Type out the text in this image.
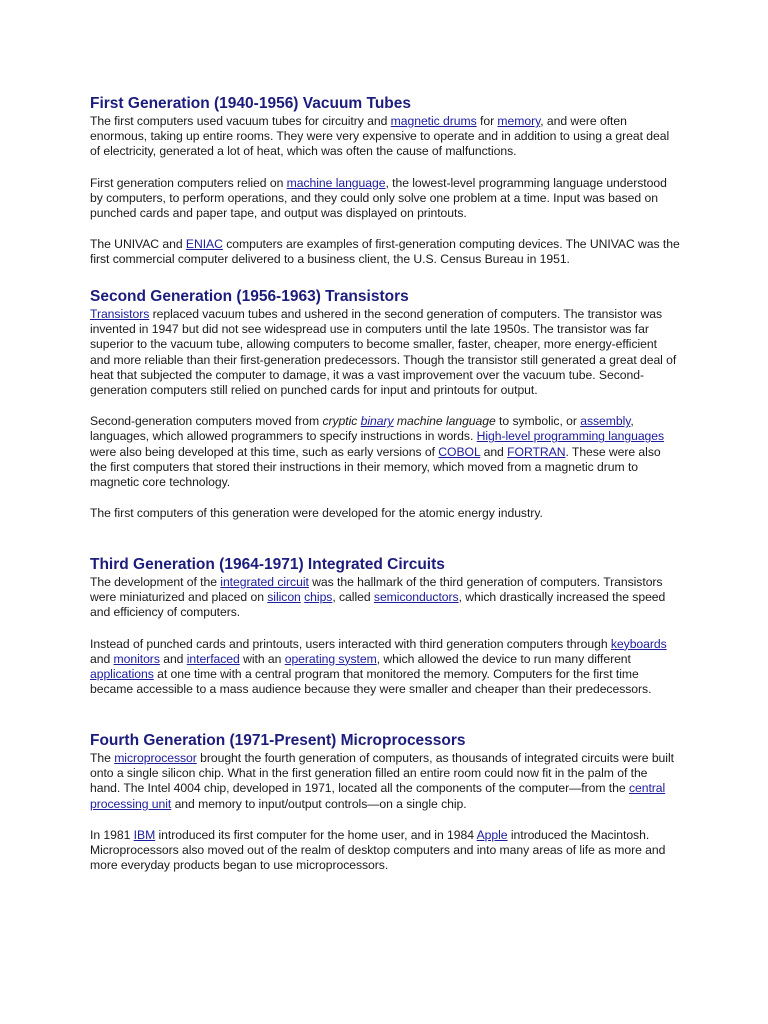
First Generation (1940-1956) Vacuum Tubes

The first computers used vacuum tubes for circuitry and magnetic drums for memory, and were often enormous, taking up entire rooms. They were very expensive to operate and in addition to using a great deal of electricity, generated a lot of heat, which was often the cause of malfunctions.

First generation computers relied on machine language, the lowest-level programming language understood by computers, to perform operations, and they could only solve one problem at a time. Input was based on punched cards and paper tape, and output was displayed on printouts.

The UNIVAC and ENIAC computers are examples of first-generation computing devices. The UNIVAC was the first commercial computer delivered to a business client, the U.S. Census Bureau in 1951.

Second Generation (1956-1963) Transistors

Transistors replaced vacuum tubes and ushered in the second generation of computers. The transistor was invented in 1947 but did not see widespread use in computers until the late 1950s. The transistor was far superior to the vacuum tube, allowing computers to become smaller, faster, cheaper, more energy-efficient and more reliable than their first-generation predecessors. Though the transistor still generated a great deal of heat that subjected the computer to damage, it was a vast improvement over the vacuum tube. Second-generation computers still relied on punched cards for input and printouts for output.

Second-generation computers moved from cryptic binary machine language to symbolic, or assembly, languages, which allowed programmers to specify instructions in words. High-level programming languages were also being developed at this time, such as early versions of COBOL and FORTRAN. These were also the first computers that stored their instructions in their memory, which moved from a magnetic drum to magnetic core technology.

The first computers of this generation were developed for the atomic energy industry.

Third Generation (1964-1971) Integrated Circuits

The development of the integrated circuit was the hallmark of the third generation of computers. Transistors were miniaturized and placed on silicon chips, called semiconductors, which drastically increased the speed and efficiency of computers.

Instead of punched cards and printouts, users interacted with third generation computers through keyboards and monitors and interfaced with an operating system, which allowed the device to run many different applications at one time with a central program that monitored the memory. Computers for the first time became accessible to a mass audience because they were smaller and cheaper than their predecessors.

Fourth Generation (1971-Present) Microprocessors

The microprocessor brought the fourth generation of computers, as thousands of integrated circuits were built onto a single silicon chip. What in the first generation filled an entire room could now fit in the palm of the hand. The Intel 4004 chip, developed in 1971, located all the components of the computer—from the central processing unit and memory to input/output controls—on a single chip.

In 1981 IBM introduced its first computer for the home user, and in 1984 Apple introduced the Macintosh. Microprocessors also moved out of the realm of desktop computers and into many areas of life as more and more everyday products began to use microprocessors.
